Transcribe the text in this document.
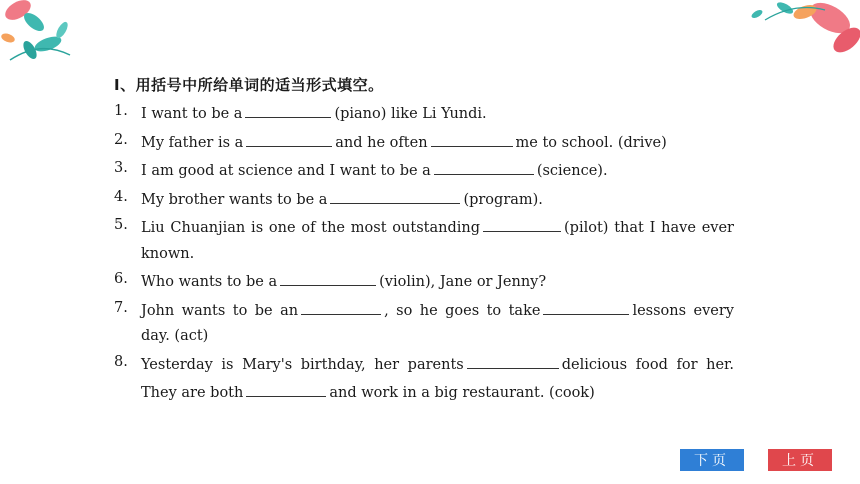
Ⅰ、用括号中所给单词的适当形式填空。
1. I want to be a	(piano) like Li Yundi.
2. My father is a	and he often	me to school. (drive)
3. I am good at science and I want to be a	(science).
4. My brother wants to be a	(program).
5. Liu Chuanjian is one of the most outstanding	(pilot) that I have ever known.
6. Who wants to be a	(violin), Jane or Jenny?
7. John wants to be an	, so he goes to take	lessons every day. (act)
8. Yesterday is Mary's birthday, her parents	delicious food for her. They are both	and work in a big restaurant. (cook)
下页	上页
